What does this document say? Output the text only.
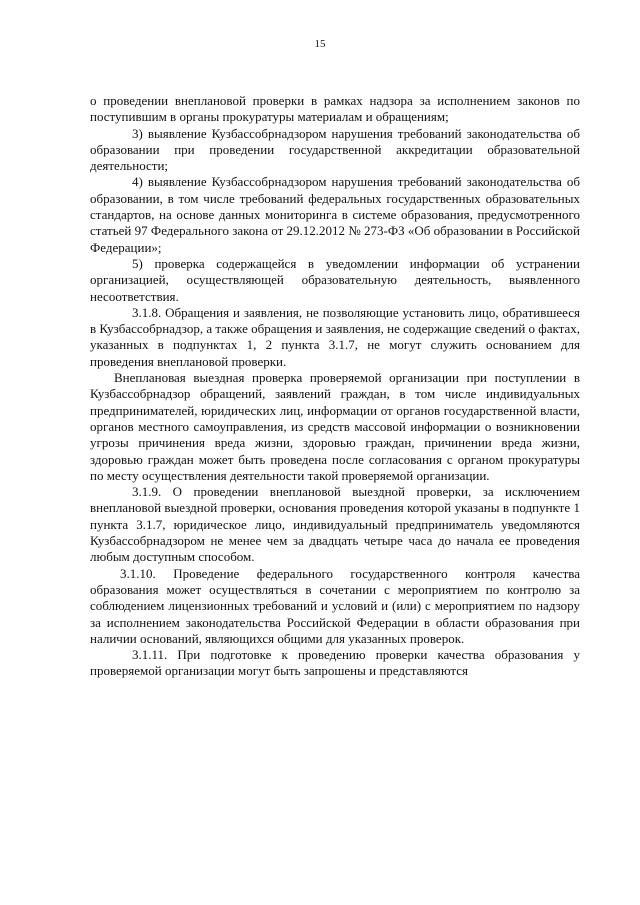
15

о проведении внеплановой проверки в рамках надзора за исполнением законов по поступившим в органы прокуратуры материалам и обращениям;

3) выявление Кузбассобрнадзором нарушения требований законодательства об образовании при проведении государственной аккредитации образовательной деятельности;

4) выявление Кузбассобрнадзором нарушения требований законодательства об образовании, в том числе требований федеральных государственных образовательных стандартов, на основе данных мониторинга в системе образования, предусмотренного статьей 97 Федерального закона от 29.12.2012 № 273-ФЗ «Об образовании в Российской Федерации»;

5) проверка содержащейся в уведомлении информации об устранении организацией, осуществляющей образовательную деятельность, выявленного несоответствия.

3.1.8. Обращения и заявления, не позволяющие установить лицо, обратившееся в Кузбассобрнадзор, а также обращения и заявления, не содержащие сведений о фактах, указанных в подпунктах 1, 2 пункта 3.1.7, не могут служить основанием для проведения внеплановой проверки.

Внеплановая выездная проверка проверяемой организации при поступлении в Кузбассобрнадзор обращений, заявлений граждан, в том числе индивидуальных предпринимателей, юридических лиц, информации от органов государственной власти, органов местного самоуправления, из средств массовой информации о возникновении угрозы причинения вреда жизни, здоровью граждан, причинении вреда жизни, здоровью граждан может быть проведена после согласования с органом прокуратуры по месту осуществления деятельности такой проверяемой организации.

3.1.9. О проведении внеплановой выездной проверки, за исключением внеплановой выездной проверки, основания проведения которой указаны в подпункте 1 пункта 3.1.7, юридическое лицо, индивидуальный предприниматель уведомляются Кузбассобрнадзором не менее чем за двадцать четыре часа до начала ее проведения любым доступным способом.

3.1.10. Проведение федерального государственного контроля качества образования может осуществляться в сочетании с мероприятием по контролю за соблюдением лицензионных требований и условий и (или) с мероприятием по надзору за исполнением законодательства Российской Федерации в области образования при наличии оснований, являющихся общими для указанных проверок.

3.1.11. При подготовке к проведению проверки качества образования у проверяемой организации могут быть запрошены и представляются
